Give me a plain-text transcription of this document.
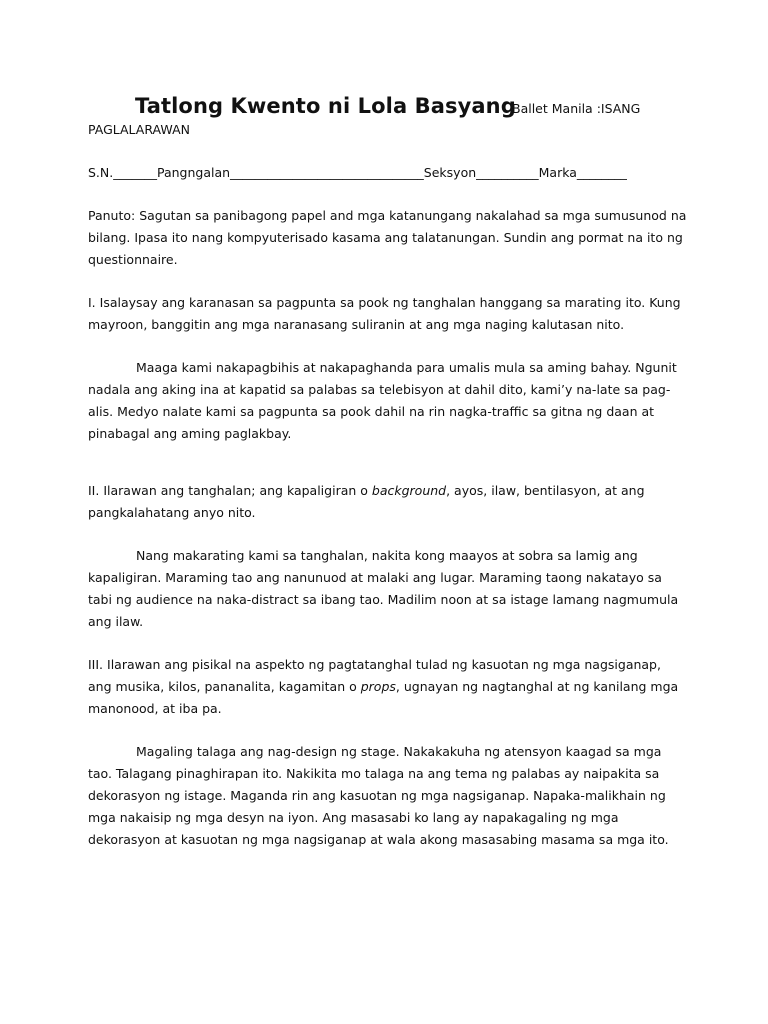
Tatlong Kwento ni Lola Basyang
Ballet Manila :ISANG
PAGLALARAWAN
S.N._______Pangngalan_______________________________Seksyon__________Marka________

Panuto: Sagutan sa panibagong papel and mga katanungang nakalahad sa mga sumusunod na bilang. Ipasa ito nang kompyuterisado kasama ang talatanungan. Sundin ang pormat na ito ng questionnaire.

I. Isalaysay ang karanasan sa pagpunta sa pook ng tanghalan hanggang sa marating ito. Kung mayroon, banggitin ang mga naranasang suliranin at ang mga naging kalutasan nito.

Maaga kami nakapagbihis at nakapaghanda para umalis mula sa aming bahay. Ngunit nadala ang aking ina at kapatid sa palabas sa telebisyon at dahil dito, kami’y na-late sa pag-alis. Medyo nalate kami sa pagpunta sa pook dahil na rin nagka-traffic sa gitna ng daan at pinabagal ang aming paglakbay.

II. Ilarawan ang tanghalan; ang kapaligiran o background, ayos, ilaw, bentilasyon, at ang pangkalahatang anyo nito.

Nang makarating kami sa tanghalan, nakita kong maayos at sobra sa lamig ang kapaligiran. Maraming tao ang nanunuod at malaki ang lugar. Maraming taong nakatayo sa tabi ng audience na naka-distract sa ibang tao. Madilim noon at sa istage lamang nagmumula ang ilaw.

III. Ilarawan ang pisikal na aspekto ng pagtatanghal tulad ng kasuotan ng mga nagsiganap, ang musika, kilos, pananalita, kagamitan o props, ugnayan ng nagtanghal at ng kanilang mga manonood, at iba pa.

Magaling talaga ang nag-design ng stage. Nakakakuha ng atensyon kaagad sa mga tao. Talagang pinaghirapan ito. Nakikita mo talaga na ang tema ng palabas ay naipakita sa dekorasyon ng istage. Maganda rin ang kasuotan ng mga nagsiganap. Napaka-malikhain ng mga nakaisip ng mga desyn na iyon. Ang masasabi ko lang ay napakagaling ng mga dekorasyon at kasuotan ng mga nagsiganap at wala akong masasabing masama sa mga ito.
